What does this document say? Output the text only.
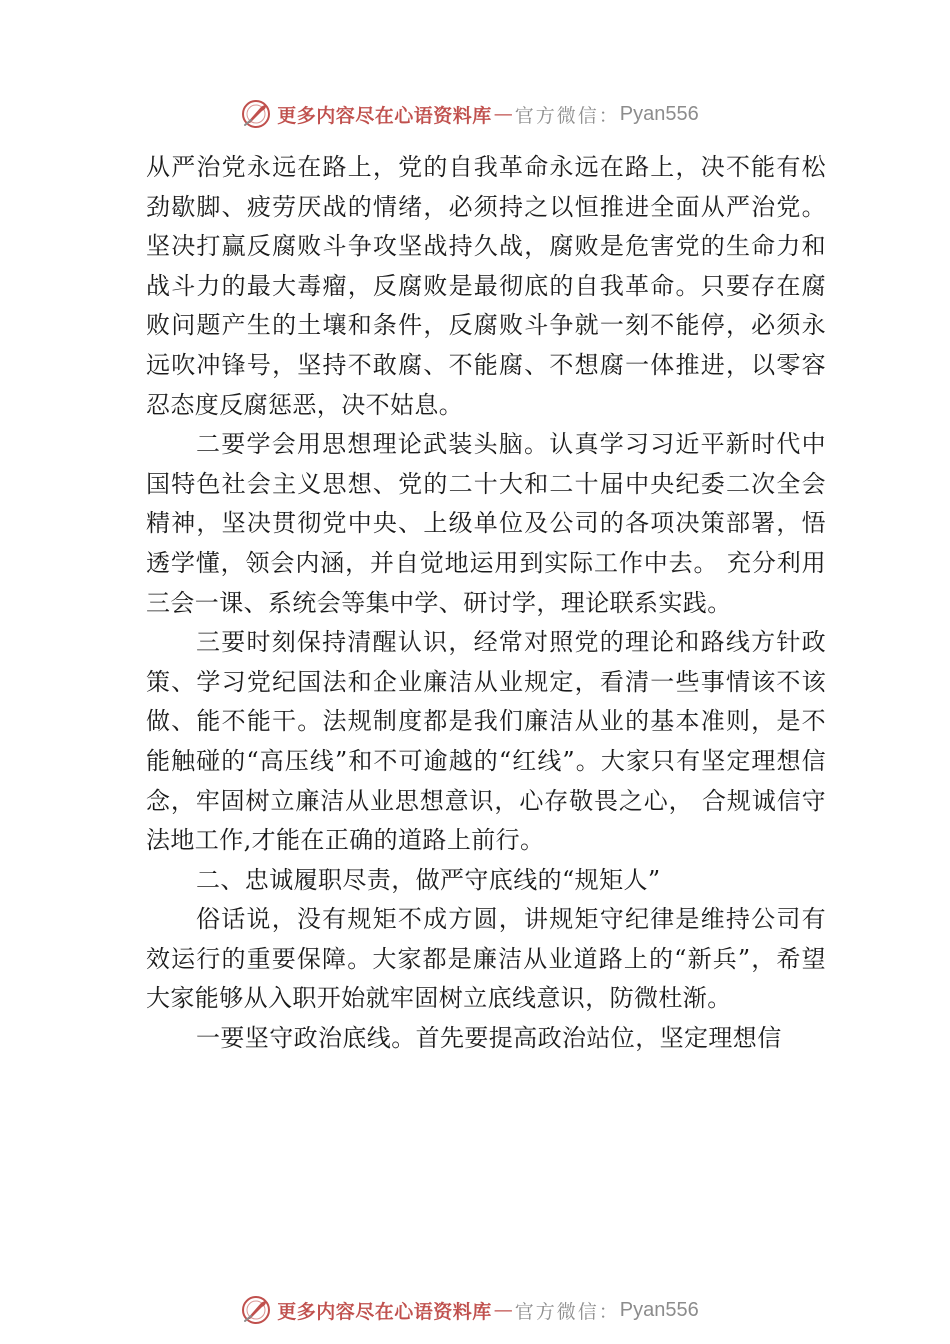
更多内容尽在心语资料库 — 官方微信： Pyan556

从严治党永远在路上，党的自我革命永远在路上，决不能有松劲歇脚、疲劳厌战的情绪，必须持之以恒推进全面从严治党。坚决打赢反腐败斗争攻坚战持久战，腐败是危害党的生命力和战斗力的最大毒瘤，反腐败是最彻底的自我革命。只要存在腐败问题产生的土壤和条件，反腐败斗争就一刻不能停，必须永远吹冲锋号，坚持不敢腐、不能腐、不想腐一体推进，以零容忍态度反腐惩恶，决不姑息。

二要学会用思想理论武装头脑。认真学习习近平新时代中国特色社会主义思想、党的二十大和二十届中央纪委二次全会精神，坚决贯彻党中央、上级单位及公司的各项决策部署，悟透学懂，领会内涵，并自觉地运用到实际工作中去。 充分利用三会一课、系统会等集中学、研讨学，理论联系实践。

三要时刻保持清醒认识，经常对照党的理论和路线方针政策、学习党纪国法和企业廉洁从业规定，看清一些事情该不该做、能不能干。法规制度都是我们廉洁从业的基本准则，是不能触碰的“高压线”和不可逾越的“红线”。大家只有坚定理想信念，牢固树立廉洁从业思想意识，心存敬畏之心， 合规诚信守法地工作,才能在正确的道路上前行。

二、忠诚履职尽责，做严守底线的“规矩人”

俗话说，没有规矩不成方圆，讲规矩守纪律是维持公司有效运行的重要保障。大家都是廉洁从业道路上的“新兵”，希望大家能够从入职开始就牢固树立底线意识，防微杜渐。

一要坚守政治底线。首先要提高政治站位，坚定理想信

更多内容尽在心语资料库 — 官方微信： Pyan556
